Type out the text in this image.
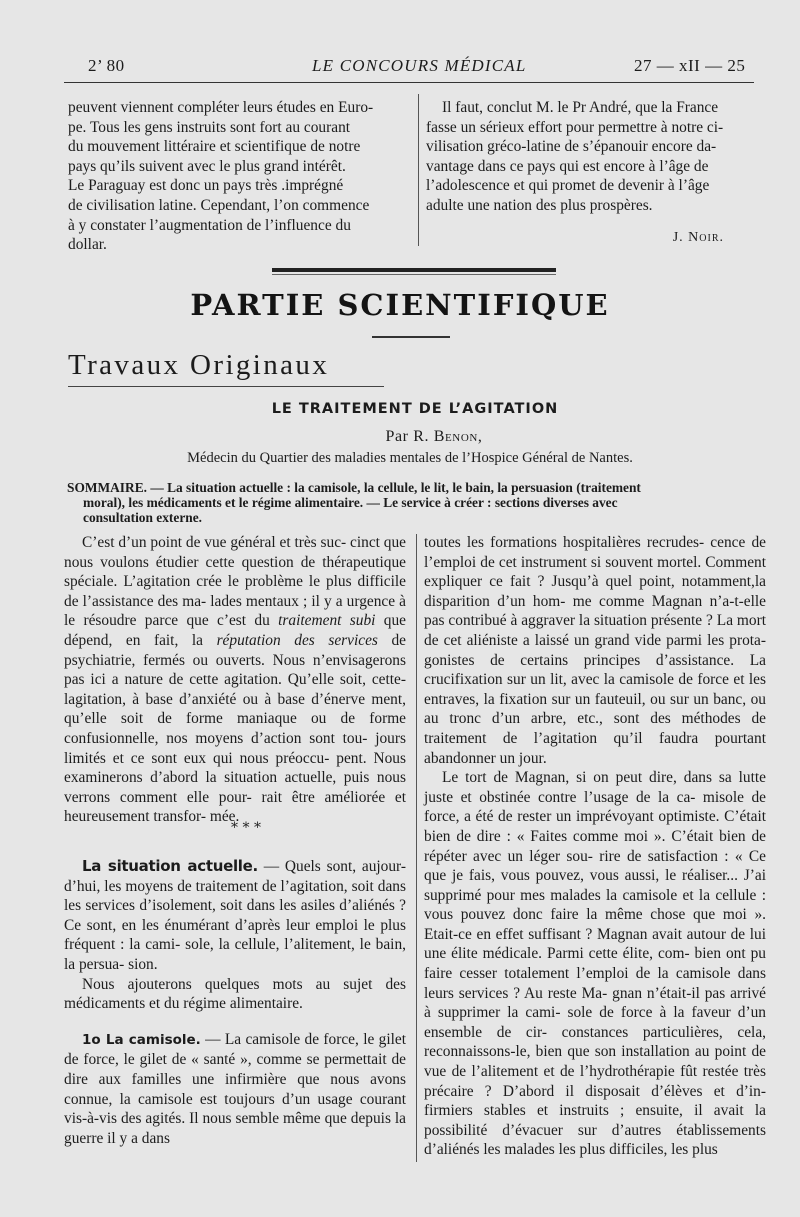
2’ 80	LE CONCOURS MÉDICAL	27 — xII — 25
peuvent viennent compléter leurs études en Euro-
pe. Tous les gens instruits sont fort au courant
du mouvement littéraire et scientifique de notre
pays qu’ils suivent avec le plus grand intérêt.
Le Paraguay est donc un pays très .imprégné
de civilisation latine. Cependant, l’on commence
à y constater l’augmentation de l’influence du
dollar.
Il faut, conclut M. le Pr André, que la France
fasse un sérieux effort pour permettre à notre ci-
vilisation gréco-latine de s’épanouir encore da-
vantage dans ce pays qui est encore à l’âge de
l’adolescence et qui promet de devenir à l’âge
adulte une nation des plus prospères.
J. Noir.
PARTIE SCIENTIFIQUE
Travaux Originaux
LE TRAITEMENT DE L’AGITATION
Par R. Benon,
Médecin du Quartier des maladies mentales de l’Hospice Général de Nantes.
SOMMAIRE. — La situation actuelle : la camisole, la cellule, le lit, le bain, la persuasion (traitement
moral), les médicaments et le régime alimentaire. — Le service à créer : sections diverses avec
consultation externe.

C’est d’un point de vue général et très suc- cinct que nous voulons étudier cette question de thérapeutique spéciale. L’agitation crée le problème le plus difficile de l’assistance des ma- lades mentaux ; il y a urgence à le résoudre parce que c’est du traitement subi que dépend, en fait, la réputation des services de psychiatrie, fermés ou ouverts. Nous n’envisagerons pas ici a nature de cette agitation. Qu’elle soit, cette- lagitation, à base d’anxiété ou à base d’énerve ment, qu’elle soit de forme maniaque ou de forme confusionnelle, nos moyens d’action sont tou- jours limités et ce sont eux qui nous préoccu- pent. Nous examinerons d’abord la situation actuelle, puis nous verrons comment elle pour- rait être améliorée et heureusement transfor- mée.

* * *

La situation actuelle. — Quels sont, aujour- d’hui, les moyens de traitement de l’agitation, soit dans les services d’isolement, soit dans les asiles d’aliénés ? Ce sont, en les énumérant d’après leur emploi le plus fréquent : la cami- sole, la cellule, l’alitement, le bain, la persua- sion.

Nous ajouterons quelques mots au sujet des médicaments et du régime alimentaire.

1o La camisole. — La camisole de force, le gilet de force, le gilet de « santé », comme se permettait de dire aux familles une infirmière que nous avons connue, la camisole est toujours d’un usage courant vis-à-vis des agités. Il nous semble même que depuis la guerre il y a dans

toutes les formations hospitalières recrudes- cence de l’emploi de cet instrument si souvent mortel. Comment expliquer ce fait ? Jusqu’à quel point, notamment,la disparition d’un hom- me comme Magnan n’a-t-elle pas contribué à aggraver la situation présente ? La mort de cet aliéniste a laissé un grand vide parmi les prota- gonistes de certains principes d’assistance. La crucifixation sur un lit, avec la camisole de force et les entraves, la fixation sur un fauteuil, ou sur un banc, ou au tronc d’un arbre, etc., sont des méthodes de traitement de l’agitation qu’il faudra pourtant abandonner un jour.

Le tort de Magnan, si on peut dire, dans sa lutte juste et obstinée contre l’usage de la ca- misole de force, a été de rester un imprévoyant optimiste. C’était bien de dire : « Faites comme moi ». C’était bien de répéter avec un léger sou- rire de satisfaction : « Ce que je fais, vous pouvez, vous aussi, le réaliser... J’ai supprimé pour mes malades la camisole et la cellule : vous pouvez donc faire la même chose que moi ». Etait-ce en effet suffisant ? Magnan avait autour de lui une élite médicale. Parmi cette élite, com- bien ont pu faire cesser totalement l’emploi de la camisole dans leurs services ? Au reste Ma- gnan n’était-il pas arrivé à supprimer la cami- sole de force à la faveur d’un ensemble de cir- constances particulières, cela, reconnaissons-le, bien que son installation au point de vue de l’alitement et de l’hydrothérapie fût restée très précaire ? D’abord il disposait d’élèves et d’in- firmiers stables et instruits ; ensuite, il avait la possibilité d’évacuer sur d’autres établissements d’aliénés les malades les plus difficiles, les plus
